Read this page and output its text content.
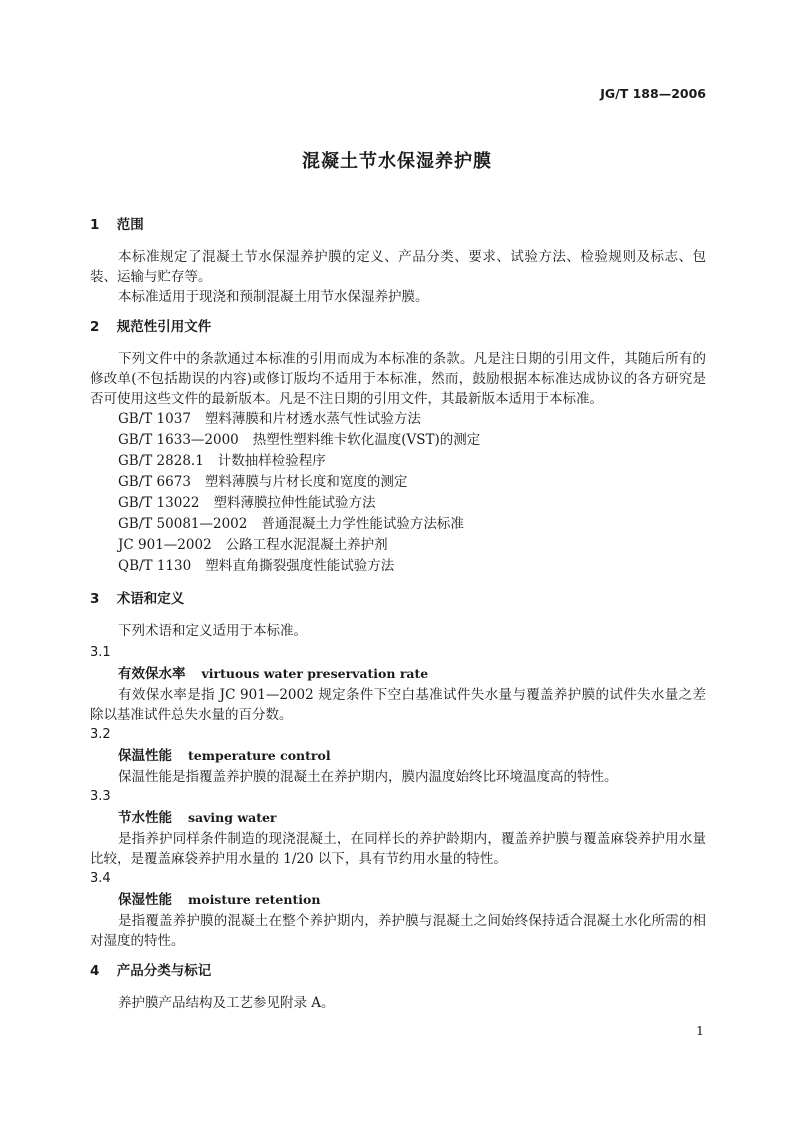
JG/T 188—2006
混凝土节水保湿养护膜
1 范围

本标准规定了混凝土节水保湿养护膜的定义、产品分类、要求、试验方法、检验规则及标志、包装、运输与贮存等。

本标准适用于现浇和预制混凝土用节水保湿养护膜。

2 规范性引用文件

下列文件中的条款通过本标准的引用而成为本标准的条款。凡是注日期的引用文件，其随后所有的修改单(不包括勘误的内容)或修订版均不适用于本标准，然而，鼓励根据本标准达成协议的各方研究是否可使用这些文件的最新版本。凡是不注日期的引用文件，其最新版本适用于本标准。

GB/T 1037 塑料薄膜和片材透水蒸气性试验方法
GB/T 1633—2000 热塑性塑料维卡软化温度(VST)的测定
GB/T 2828.1 计数抽样检验程序
GB/T 6673 塑料薄膜与片材长度和宽度的测定
GB/T 13022 塑料薄膜拉伸性能试验方法
GB/T 50081—2002 普通混凝土力学性能试验方法标准
JC 901—2002 公路工程水泥混凝土养护剂
QB/T 1130 塑料直角撕裂强度性能试验方法
3 术语和定义

下列术语和定义适用于本标准。

3.1
有效保水率 virtuous water preservation rate

有效保水率是指 JC 901—2002 规定条件下空白基准试件失水量与覆盖养护膜的试件失水量之差除以基准试件总失水量的百分数。

3.2
保温性能 temperature control

保温性能是指覆盖养护膜的混凝土在养护期内，膜内温度始终比环境温度高的特性。

3.3
节水性能 saving water

是指养护同样条件制造的现浇混凝土，在同样长的养护龄期内，覆盖养护膜与覆盖麻袋养护用水量比较，是覆盖麻袋养护用水量的 1/20 以下，具有节约用水量的特性。

3.4
保湿性能 moisture retention

是指覆盖养护膜的混凝土在整个养护期内，养护膜与混凝土之间始终保持适合混凝土水化所需的相对湿度的特性。

4 产品分类与标记

养护膜产品结构及工艺参见附录 A。

1
